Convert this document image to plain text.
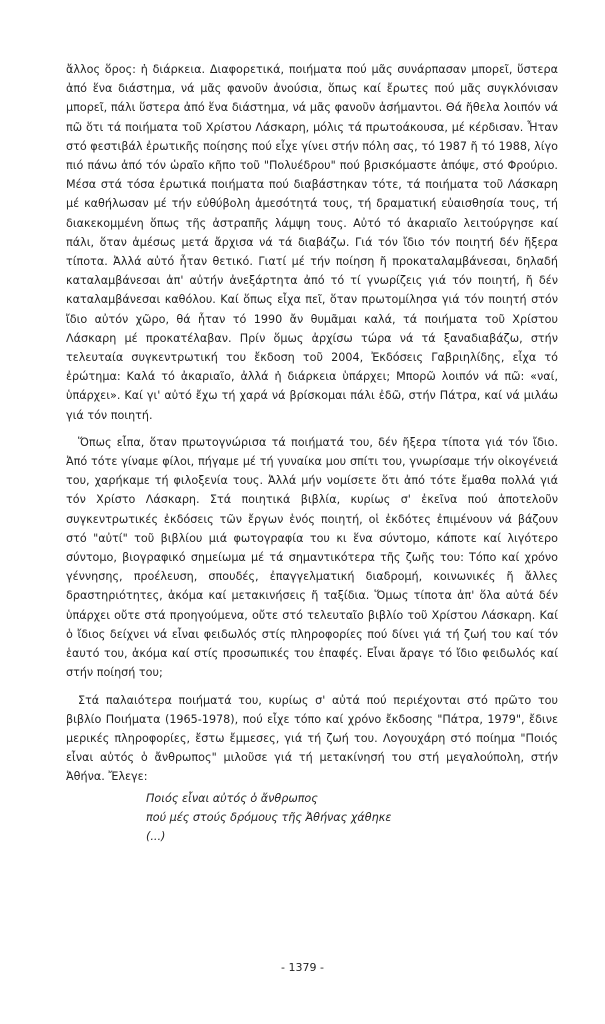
ἄλλος ὅρος: ἡ διάρκεια. Διαφορετικά, ποιήματα πού μᾶς συνάρπασαν μπορεῖ, ὕστερα ἀπό ἕνα διάστημα, νά μᾶς φανοῦν ἀνούσια, ὅπως καί ἔρωτες πού μᾶς συγκλόνισαν μπορεῖ, πάλι ὕστερα ἀπό ἕνα διάστημα, νά μᾶς φανοῦν ἀσήμαντοι. Θά ἤθελα λοιπόν νά πῶ ὅτι τά ποιήματα τοῦ Χρίστου Λάσκαρη, μόλις τά πρωτοάκουσα, μέ κέρδισαν. Ἦταν στό φεστιβάλ ἐρωτικῆς ποίησης πού εἶχε γίνει στήν πόλη σας, τό 1987 ἤ τό 1988, λίγο πιό πάνω ἀπό τόν ὡραῖο κῆπο τοῦ "Πολυέδρου" πού βρισκόμαστε ἀπόψε, στό Φρούριο. Μέσα στά τόσα ἐρωτικά ποιήματα πού διαβάστηκαν τότε, τά ποιήματα τοῦ Λάσκαρη μέ καθήλωσαν μέ τήν εὐθύβολη ἀμεσότητά τους, τή δραματική εὐαισθησία τους, τή διακεκομμένη ὅπως τῆς ἀστραπῆς λάμψη τους. Αὐτό τό ἀκαριαῖο λειτούργησε καί πάλι, ὅταν ἀμέσως μετά ἄρχισα νά τά διαβάζω. Γιά τόν ἴδιο τόν ποιητή δέν ἤξερα τίποτα. Ἀλλά αὐτό ἦταν θετικό. Γιατί μέ τήν ποίηση ἤ προκαταλαμβάνεσαι, δηλαδή καταλαμβάνεσαι ἀπ' αὐτήν ἀνεξάρτητα ἀπό τό τί γνωρίζεις γιά τόν ποιητή, ἤ δέν καταλαμβάνεσαι καθόλου. Καί ὅπως εἶχα πεῖ, ὅταν πρωτομίλησα γιά τόν ποιητή στόν ἴδιο αὐτόν χῶρο, θά ἦταν τό 1990 ἄν θυμᾶμαι καλά, τά ποιήματα τοῦ Χρίστου Λάσκαρη μέ προκατέλαβαν. Πρίν ὅμως ἀρχίσω τώρα νά τά ξαναδιαβάζω, στήν τελευταία συγκεντρωτική του ἔκδοση τοῦ 2004, Ἐκδόσεις Γαβριηλίδης, εἶχα τό ἐρώτημα: Καλά τό ἀκαριαῖο, ἀλλά ἡ διάρκεια ὑπάρχει; Μπορῶ λοιπόν νά πῶ: «ναί, ὑπάρχει». Καί γι' αὐτό ἔχω τή χαρά νά βρίσκομαι πάλι ἐδῶ, στήν Πάτρα, καί νά μιλάω γιά τόν ποιητή.

Ὅπως εἶπα, ὅταν πρωτογνώρισα τά ποιήματά του, δέν ἤξερα τίποτα γιά τόν ἴδιο. Ἀπό τότε γίναμε φίλοι, πήγαμε μέ τή γυναίκα μου σπίτι του, γνωρίσαμε τήν οἰκογένειά του, χαρήκαμε τή φιλοξενία τους. Ἀλλά μήν νομίσετε ὅτι ἀπό τότε ἔμαθα πολλά γιά τόν Χρίστο Λάσκαρη. Στά ποιητικά βιβλία, κυρίως σ' ἐκεῖνα πού ἀποτελοῦν συγκεντρωτικές ἐκδόσεις τῶν ἔργων ἑνός ποιητή, οἱ ἐκδότες ἐπιμένουν νά βάζουν στό "αὐτί" τοῦ βιβλίου μιά φωτογραφία του κι ἕνα σύντομο, κάποτε καί λιγότερο σύντομο, βιογραφικό σημείωμα μέ τά σημαντικότερα τῆς ζωῆς του: Τόπο καί χρόνο γέννησης, προέλευση, σπουδές, ἐπαγγελματική διαδρομή, κοινωνικές ἤ ἄλλες δραστηριότητες, ἀκόμα καί μετακινήσεις ἤ ταξίδια. Ὅμως τίποτα ἀπ' ὅλα αὐτά δέν ὑπάρχει οὔτε στά προηγούμενα, οὔτε στό τελευταῖο βιβλίο τοῦ Χρίστου Λάσκαρη. Καί ὁ ἴδιος δείχνει νά εἶναι φειδωλός στίς πληροφορίες πού δίνει γιά τή ζωή του καί τόν ἑαυτό του, ἀκόμα καί στίς προσωπικές του ἐπαφές. Εἶναι ἄραγε τό ἴδιο φειδωλός καί στήν ποίησή του;

Στά παλαιότερα ποιήματά του, κυρίως σ' αὐτά πού περιέχονται στό πρῶτο του βιβλίο Ποιήματα (1965-1978), πού εἶχε τόπο καί χρόνο ἔκδοσης "Πάτρα, 1979", ἔδινε μερικές πληροφορίες, ἔστω ἔμμεσες, γιά τή ζωή του. Λογουχάρη στό ποίημα "Ποιός εἶναι αὐτός ὁ ἄνθρωπος" μιλοῦσε γιά τή μετακίνησή του στή μεγαλούπολη, στήν Ἀθήνα. Ἔλεγε:

Ποιός εἶναι αὐτός ὁ ἄνθρωπος
πού μές στούς δρόμους τῆς Ἀθήνας χάθηκε
(...)
- 1379 -
